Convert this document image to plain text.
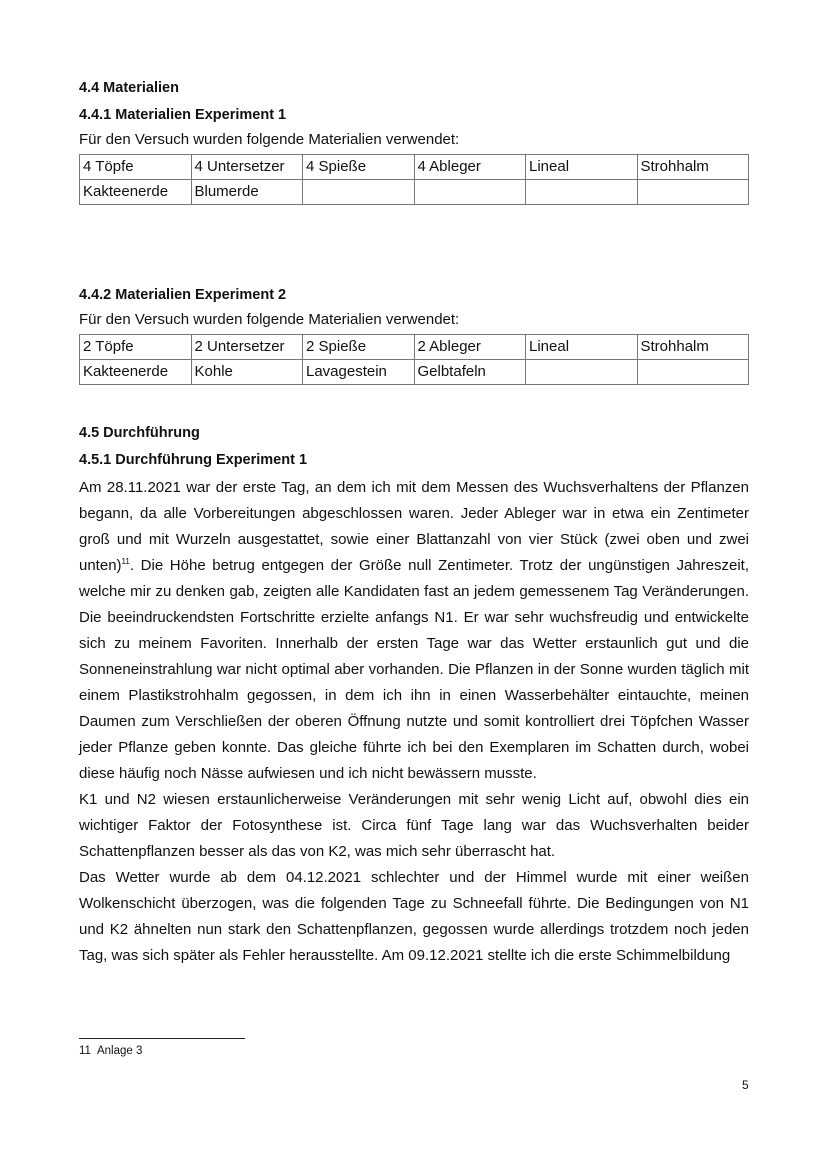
4.4 Materialien
4.4.1 Materialien Experiment 1

Für den Versuch wurden folgende Materialien verwendet:

4 Töpfe	4 Untersetzer	4 Spieße	4 Ableger	Lineal	Strohhalm
Kakteenerde	Blumerde				
4.4.2 Materialien Experiment 2

Für den Versuch wurden folgende Materialien verwendet:

2 Töpfe	2 Untersetzer	2 Spieße	2 Ableger	Lineal	Strohhalm
Kakteenerde	Kohle	Lavagestein	Gelbtafeln		
4.5 Durchführung
4.5.1 Durchführung Experiment 1

Am 28.11.2021 war der erste Tag, an dem ich mit dem Messen des Wuchsverhaltens der Pflanzen begann, da alle Vorbereitungen abgeschlossen waren. Jeder Ableger war in etwa ein Zentimeter groß und mit Wurzeln ausgestattet, sowie einer Blattanzahl von vier Stück (zwei oben und zwei unten)$^{11}$. Die Höhe betrug entgegen der Größe null Zentimeter. Trotz der ungünstigen Jahreszeit, welche mir zu denken gab, zeigten alle Kandidaten fast an jedem gemessenem Tag Veränderungen. Die beeindruckendsten Fortschritte erzielte anfangs N1. Er war sehr wuchsfreudig und entwickelte sich zu meinem Favoriten. Innerhalb der ersten Tage war das Wetter erstaunlich gut und die Sonneneinstrahlung war nicht optimal aber vorhanden. Die Pflanzen in der Sonne wurden täglich mit einem Plastikstrohhalm gegossen, in dem ich ihn in einen Wasserbehälter eintauchte, meinen Daumen zum Verschließen der oberen Öffnung nutzte und somit kontrolliert drei Töpfchen Wasser jeder Pflanze geben konnte. Das gleiche führte ich bei den Exemplaren im Schatten durch, wobei diese häufig noch Nässe aufwiesen und ich nicht bewässern musste.

K1 und N2 wiesen erstaunlicherweise Veränderungen mit sehr wenig Licht auf, obwohl dies ein wichtiger Faktor der Fotosynthese ist. Circa fünf Tage lang war das Wuchsverhalten beider Schattenpflanzen besser als das von K2, was mich sehr überrascht hat.

Das Wetter wurde ab dem 04.12.2021 schlechter und der Himmel wurde mit einer weißen Wolkenschicht überzogen, was die folgenden Tage zu Schneefall führte. Die Bedingungen von N1 und K2 ähnelten nun stark den Schattenpflanzen, gegossen wurde allerdings trotzdem noch jeden Tag, was sich später als Fehler herausstellte. Am 09.12.2021 stellte ich die erste Schimmelbildung

11 Anlage 3
5
